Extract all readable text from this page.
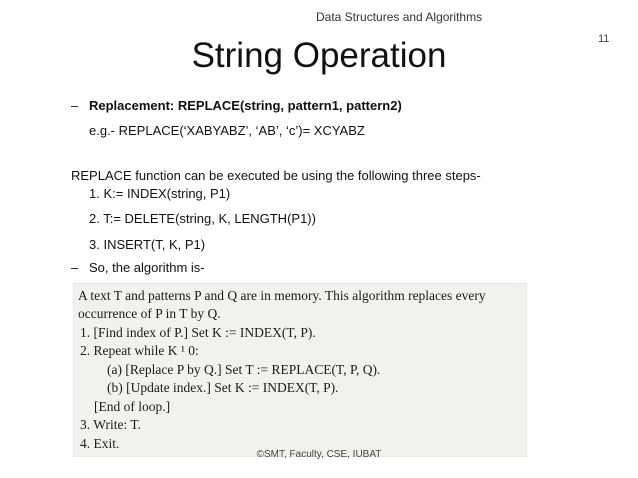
Data Structures and Algorithms
11
String Operation
– Replacement: REPLACE(string, pattern1, pattern2)
e.g.- REPLACE(‘XABYABZ’, ‘AB’, ‘c’)= XCYABZ
REPLACE function can be executed be using the following three steps-
1. K:= INDEX(string, P1)
2. T:= DELETE(string, K, LENGTH(P1))
3. INSERT(T, K, P1)
– So, the algorithm is-
A text T and patterns P and Q are in memory. This algorithm replaces every
occurrence of P in T by Q.
1. [Find index of P.] Set K := INDEX(T, P).
2. Repeat while K ¹ 0:
(a) [Replace P by Q.] Set T := REPLACE(T, P, Q).
(b) [Update index.] Set K := INDEX(T, P).
[End of loop.]
3. Write: T.
4. Exit.
©SMT, Faculty, CSE, IUBAT
